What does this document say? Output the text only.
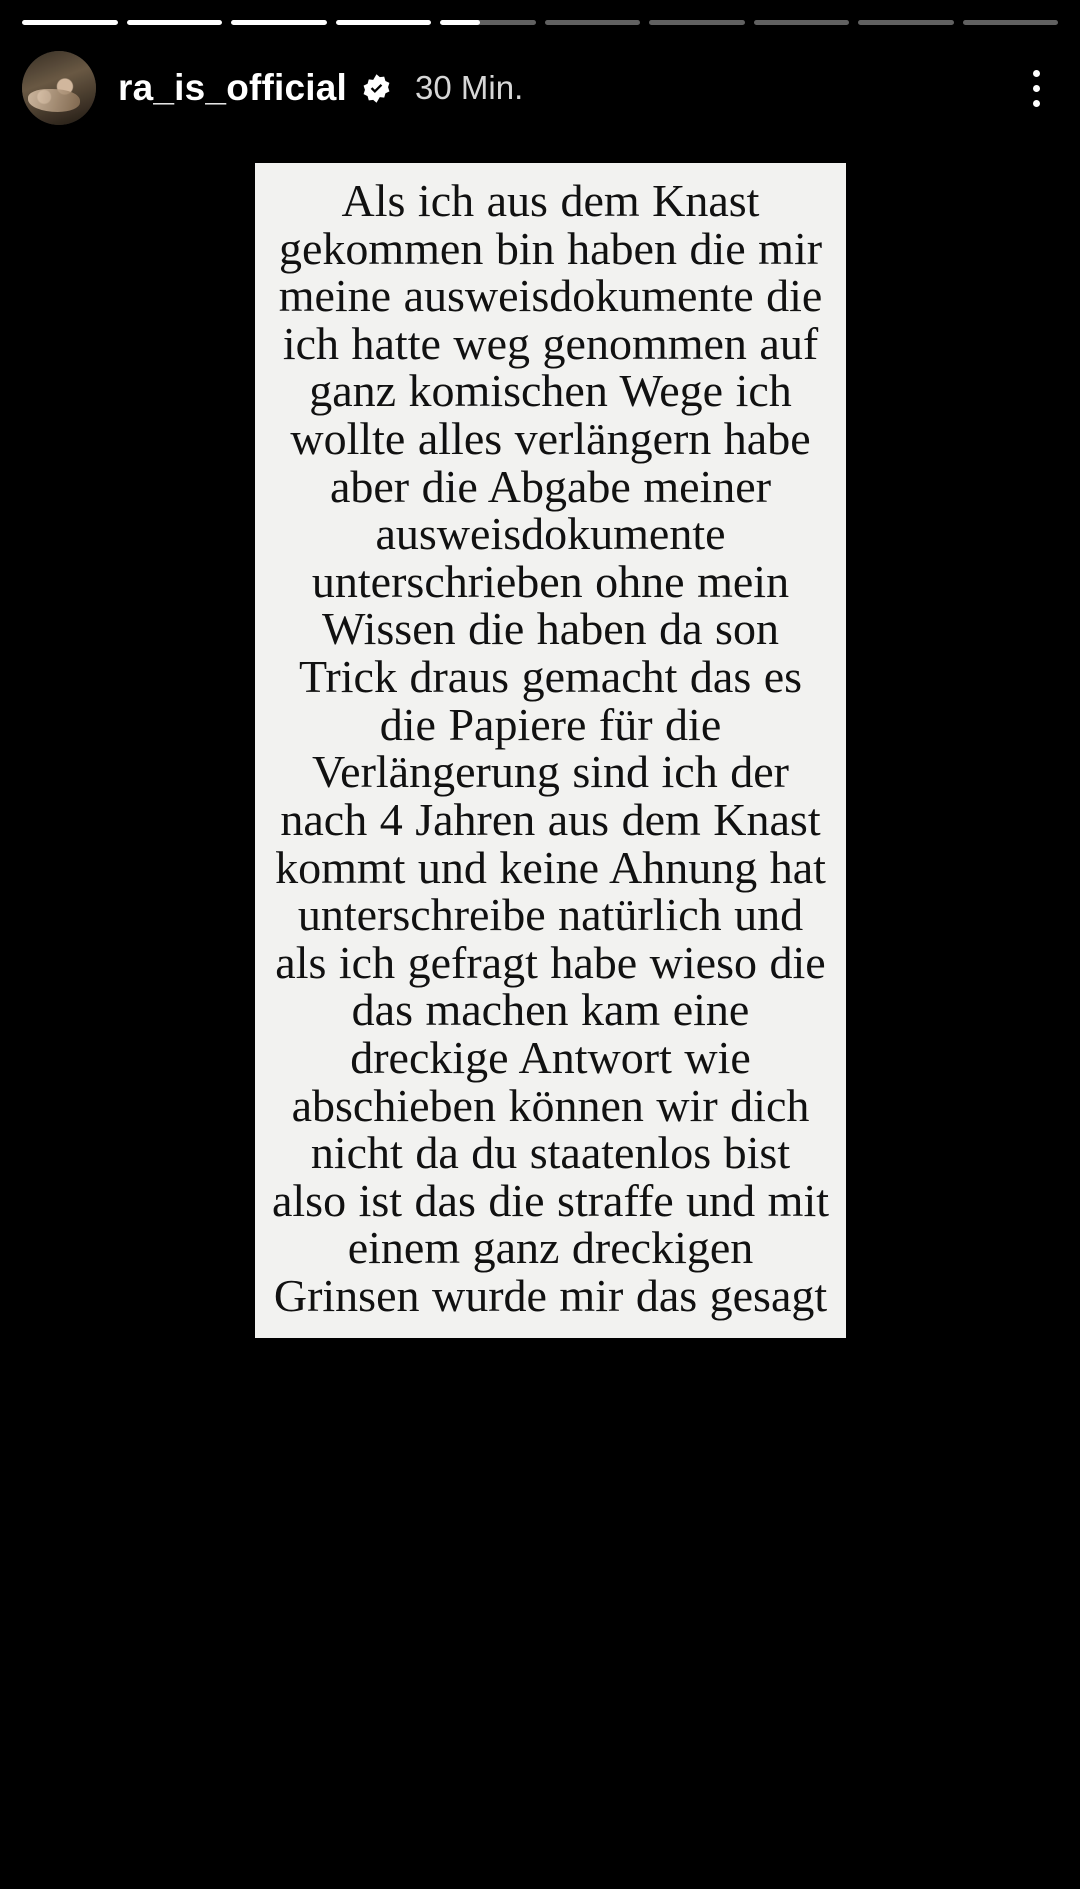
ra_is_official 30 Min.

Als ich aus dem Knast gekommen bin haben die mir meine ausweisdokumente die ich hatte weg genommen auf ganz komischen Wege ich wollte alles verlängern habe aber die Abgabe meiner ausweisdokumente unterschrieben ohne mein Wissen die haben da son Trick draus gemacht das es die Papiere für die Verlängerung sind ich der nach 4 Jahren aus dem Knast kommt und keine Ahnung hat unterschreibe natürlich und als ich gefragt habe wieso die das machen kam eine dreckige Antwort wie abschieben können wir dich nicht da du staatenlos bist also ist das die straffe und mit einem ganz dreckigen Grinsen wurde mir das gesagt
